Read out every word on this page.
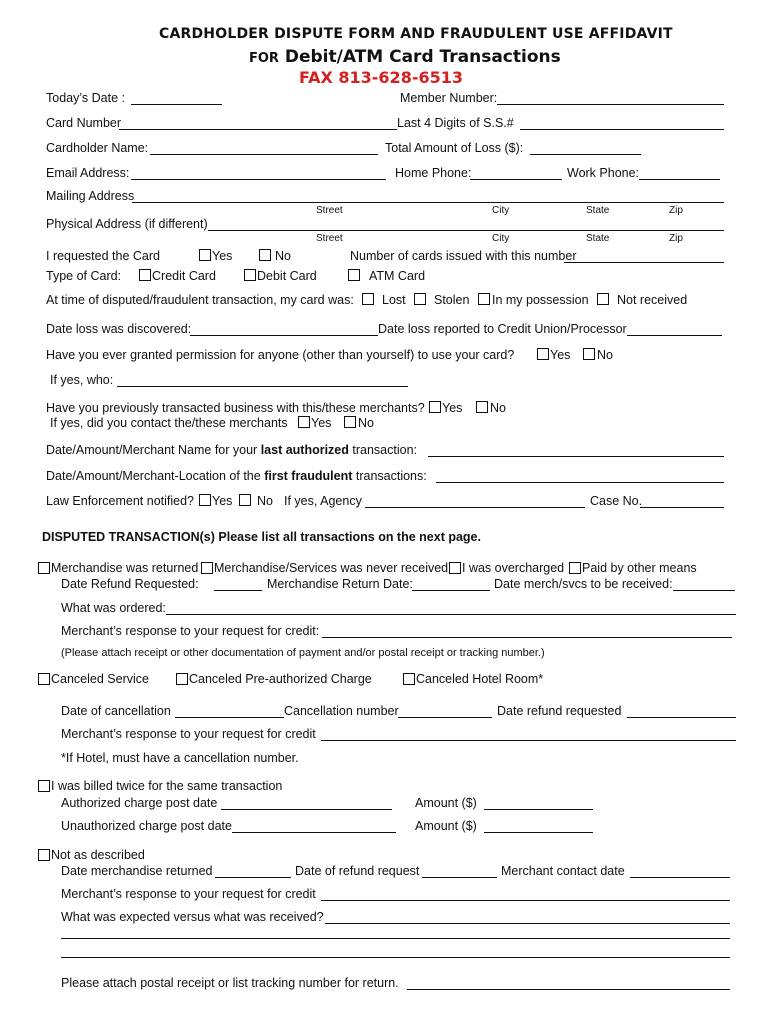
CARDHOLDER DISPUTE FORM AND FRAUDULENT USE AFFIDAVIT
FOR Debit/ATM Card Transactions
FAX 813-628-6513
Today’s Date :	Member Number:
Card Number	Last 4 Digits of S.S.#
Cardholder Name:	Total Amount of Loss ($):
Email Address:	Home Phone:	Work Phone:
Mailing Address
Street	City	State	Zip
Physical Address (if different)
Street	City	State	Zip
I requested the Card	Yes	No	Number of cards issued with this number
Type of Card: Credit Card	Debit Card	ATM Card
At time of disputed/fraudulent transaction, my card was: Lost Stolen In my possession Not received
Date loss was discovered:	Date loss reported to Credit Union/Processor
Have you ever granted permission for anyone (other than yourself) to use your card?	Yes No
If yes, who:
Have you previously transacted business with this/these merchants? Yes No
If yes, did you contact the/these merchants Yes No
Date/Amount/Merchant Name for your last authorized transaction:
Date/Amount/Merchant-Location of the first fraudulent transactions:
Law Enforcement notified? Yes No If yes, Agency	Case No.
DISPUTED TRANSACTION(s) Please list all transactions on the next page.
Merchandise was returned Merchandise/Services was never received I was overcharged Paid by other means
Date Refund Requested:	Merchandise Return Date:	Date merch/svcs to be received:
What was ordered:
Merchant’s response to your request for credit:
(Please attach receipt or other documentation of payment and/or postal receipt or tracking number.)
Canceled Service	Canceled Pre-authorized Charge	Canceled Hotel Room*
Date of cancellation	Cancellation number	Date refund requested
Merchant’s response to your request for credit
*If Hotel, must have a cancellation number.
I was billed twice for the same transaction
Authorized charge post date	Amount ($)
Unauthorized charge post date	Amount ($)
Not as described
Date merchandise returned	Date of refund request	Merchant contact date
Merchant’s response to your request for credit
What was expected versus what was received?
Please attach postal receipt or list tracking number for return.
